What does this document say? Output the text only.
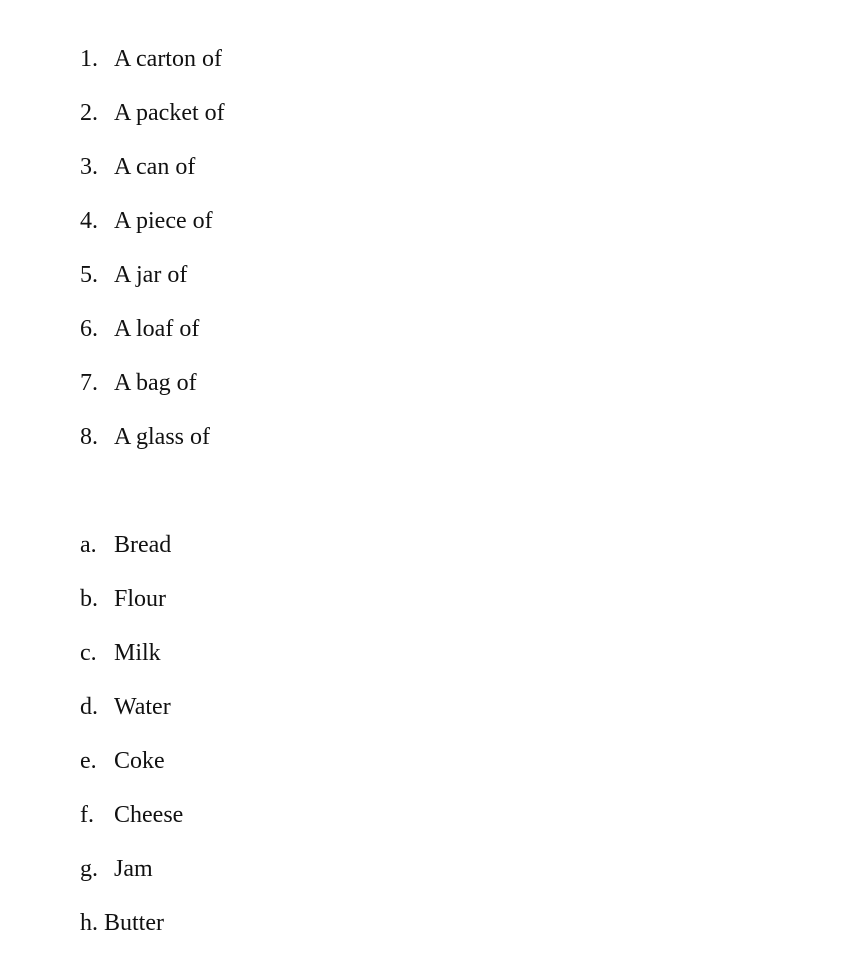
1. A carton of
2. A packet of
3. A can of
4. A piece of
5. A jar of
6. A loaf of
7. A bag of
8. A glass of
a. Bread
b. Flour
c. Milk
d. Water
e. Coke
f. Cheese
g. Jam
h. Butter
